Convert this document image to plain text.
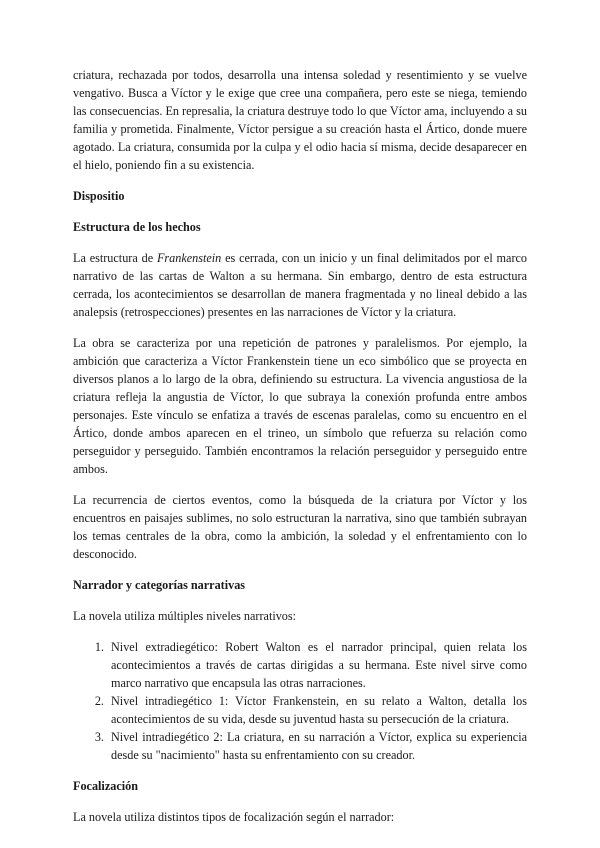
criatura, rechazada por todos, desarrolla una intensa soledad y resentimiento y se vuelve vengativo. Busca a Víctor y le exige que cree una compañera, pero este se niega, temiendo las consecuencias. En represalia, la criatura destruye todo lo que Víctor ama, incluyendo a su familia y prometida. Finalmente, Víctor persigue a su creación hasta el Ártico, donde muere agotado. La criatura, consumida por la culpa y el odio hacia sí misma, decide desaparecer en el hielo, poniendo fin a su existencia.

Dispositio

Estructura de los hechos

La estructura de Frankenstein es cerrada, con un inicio y un final delimitados por el marco narrativo de las cartas de Walton a su hermana. Sin embargo, dentro de esta estructura cerrada, los acontecimientos se desarrollan de manera fragmentada y no lineal debido a las analepsis (retrospecciones) presentes en las narraciones de Víctor y la criatura.

La obra se caracteriza por una repetición de patrones y paralelismos. Por ejemplo, la ambición que caracteriza a Víctor Frankenstein tiene un eco simbólico que se proyecta en diversos planos a lo largo de la obra, definiendo su estructura. La vivencia angustiosa de la criatura refleja la angustia de Víctor, lo que subraya la conexión profunda entre ambos personajes. Este vínculo se enfatiza a través de escenas paralelas, como su encuentro en el Ártico, donde ambos aparecen en el trineo, un símbolo que refuerza su relación como perseguidor y perseguido. También encontramos la relación perseguidor y perseguido entre ambos.

La recurrencia de ciertos eventos, como la búsqueda de la criatura por Víctor y los encuentros en paisajes sublimes, no solo estructuran la narrativa, sino que también subrayan los temas centrales de la obra, como la ambición, la soledad y el enfrentamiento con lo desconocido.

Narrador y categorías narrativas

La novela utiliza múltiples niveles narrativos:

1. Nivel extradiegético: Robert Walton es el narrador principal, quien relata los acontecimientos a través de cartas dirigidas a su hermana. Este nivel sirve como marco narrativo que encapsula las otras narraciones.
2. Nivel intradiegético 1: Víctor Frankenstein, en su relato a Walton, detalla los acontecimientos de su vida, desde su juventud hasta su persecución de la criatura.
3. Nivel intradiegético 2: La criatura, en su narración a Víctor, explica su experiencia desde su "nacimiento" hasta su enfrentamiento con su creador.

Focalización

La novela utiliza distintos tipos de focalización según el narrador:
